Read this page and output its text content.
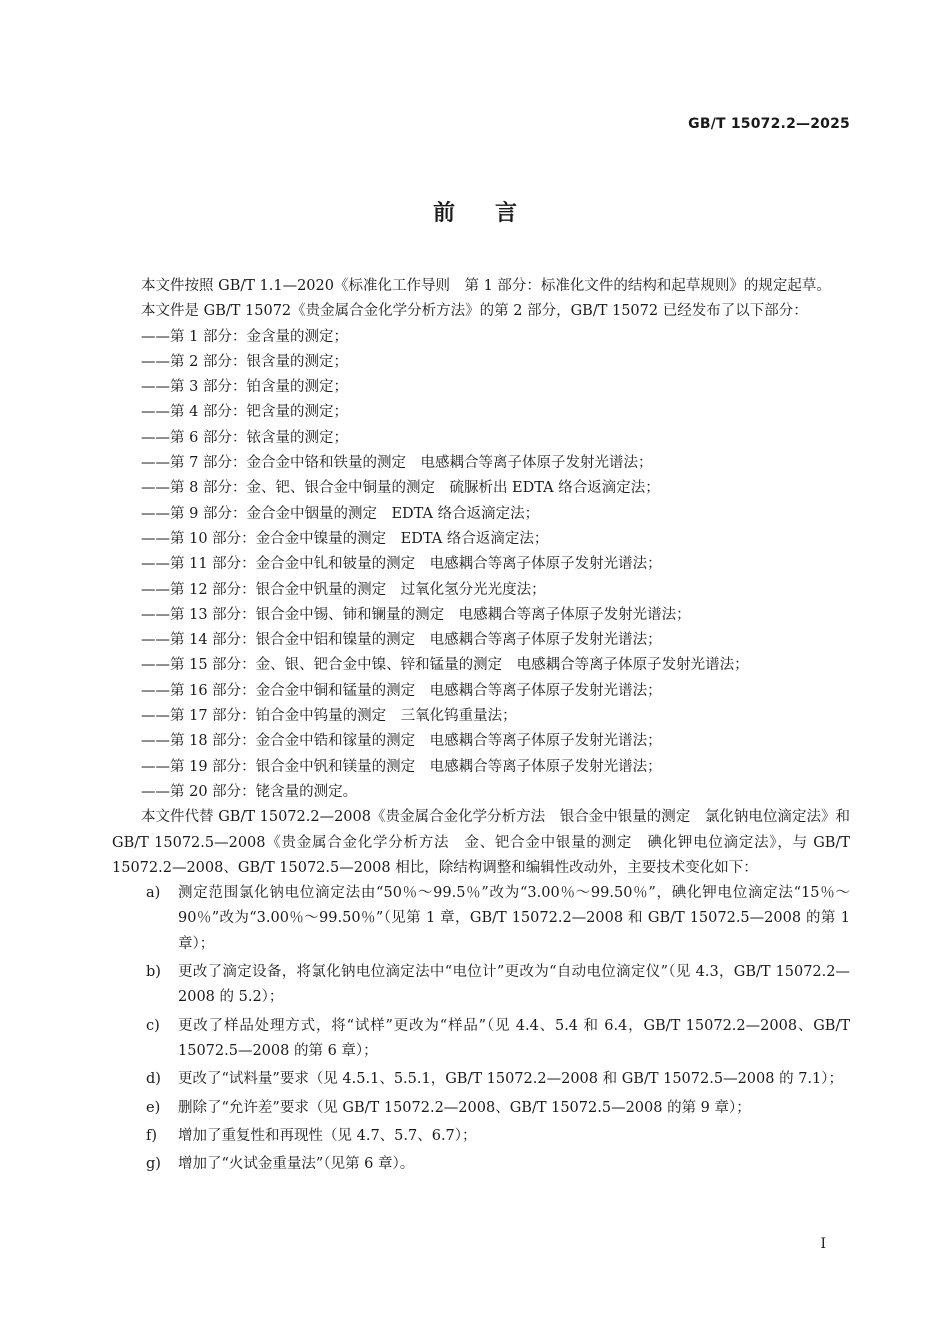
GB/T 15072.2—2025
前言

本文件按照 GB/T 1.1—2020《标准化工作导则　第 1 部分：标准化文件的结构和起草规则》的规定起草。

本文件是 GB/T 15072《贵金属合金化学分析方法》的第 2 部分，GB/T 15072 已经发布了以下部分：

——第 1 部分：金含量的测定；
——第 2 部分：银含量的测定；
——第 3 部分：铂含量的测定；
——第 4 部分：钯含量的测定；
——第 6 部分：铱含量的测定；
——第 7 部分：金合金中铬和铁量的测定　电感耦合等离子体原子发射光谱法；
——第 8 部分：金、钯、银合金中铜量的测定　硫脲析出 EDTA 络合返滴定法；
——第 9 部分：金合金中铟量的测定　EDTA 络合返滴定法；
——第 10 部分：金合金中镍量的测定　EDTA 络合返滴定法；
——第 11 部分：金合金中钆和铍量的测定　电感耦合等离子体原子发射光谱法；
——第 12 部分：银合金中钒量的测定　过氧化氢分光光度法；
——第 13 部分：银合金中锡、铈和镧量的测定　电感耦合等离子体原子发射光谱法；
——第 14 部分：银合金中铝和镍量的测定　电感耦合等离子体原子发射光谱法；
——第 15 部分：金、银、钯合金中镍、锌和锰量的测定　电感耦合等离子体原子发射光谱法；
——第 16 部分：金合金中铜和锰量的测定　电感耦合等离子体原子发射光谱法；
——第 17 部分：铂合金中钨量的测定　三氧化钨重量法；
——第 18 部分：金合金中锆和镓量的测定　电感耦合等离子体原子发射光谱法；
——第 19 部分：银合金中钒和镁量的测定　电感耦合等离子体原子发射光谱法；
——第 20 部分：铑含量的测定。

本文件代替 GB/T 15072.2—2008《贵金属合金化学分析方法　银合金中银量的测定　氯化钠电位滴定法》和 GB/T 15072.5—2008《贵金属合金化学分析方法　金、钯合金中银量的测定　碘化钾电位滴定法》，与 GB/T 15072.2—2008、GB/T 15072.5—2008 相比，除结构调整和编辑性改动外，主要技术变化如下：

a) 测定范围氯化钠电位滴定法由“50％～99.5％”改为“3.00％～99.50％”，碘化钾电位滴定法“15％～90％”改为“3.00％～99.50％”（见第 1 章，GB/T 15072.2—2008 和 GB/T 15072.5—2008 的第 1 章）；
b) 更改了滴定设备，将氯化钠电位滴定法中“电位计”更改为“自动电位滴定仪”（见 4.3，GB/T 15072.2—2008 的 5.2）；
c) 更改了样品处理方式，将“试样”更改为“样品”（见 4.4、5.4 和 6.4，GB/T 15072.2—2008、GB/T 15072.5—2008 的第 6 章）；
d) 更改了“试料量”要求（见 4.5.1、5.5.1，GB/T 15072.2—2008 和 GB/T 15072.5—2008 的 7.1）；
e) 删除了“允许差”要求（见 GB/T 15072.2—2008、GB/T 15072.5—2008 的第 9 章）；
f) 增加了重复性和再现性（见 4.7、5.7、6.7）；
g) 增加了“火试金重量法”（见第 6 章）。
I
